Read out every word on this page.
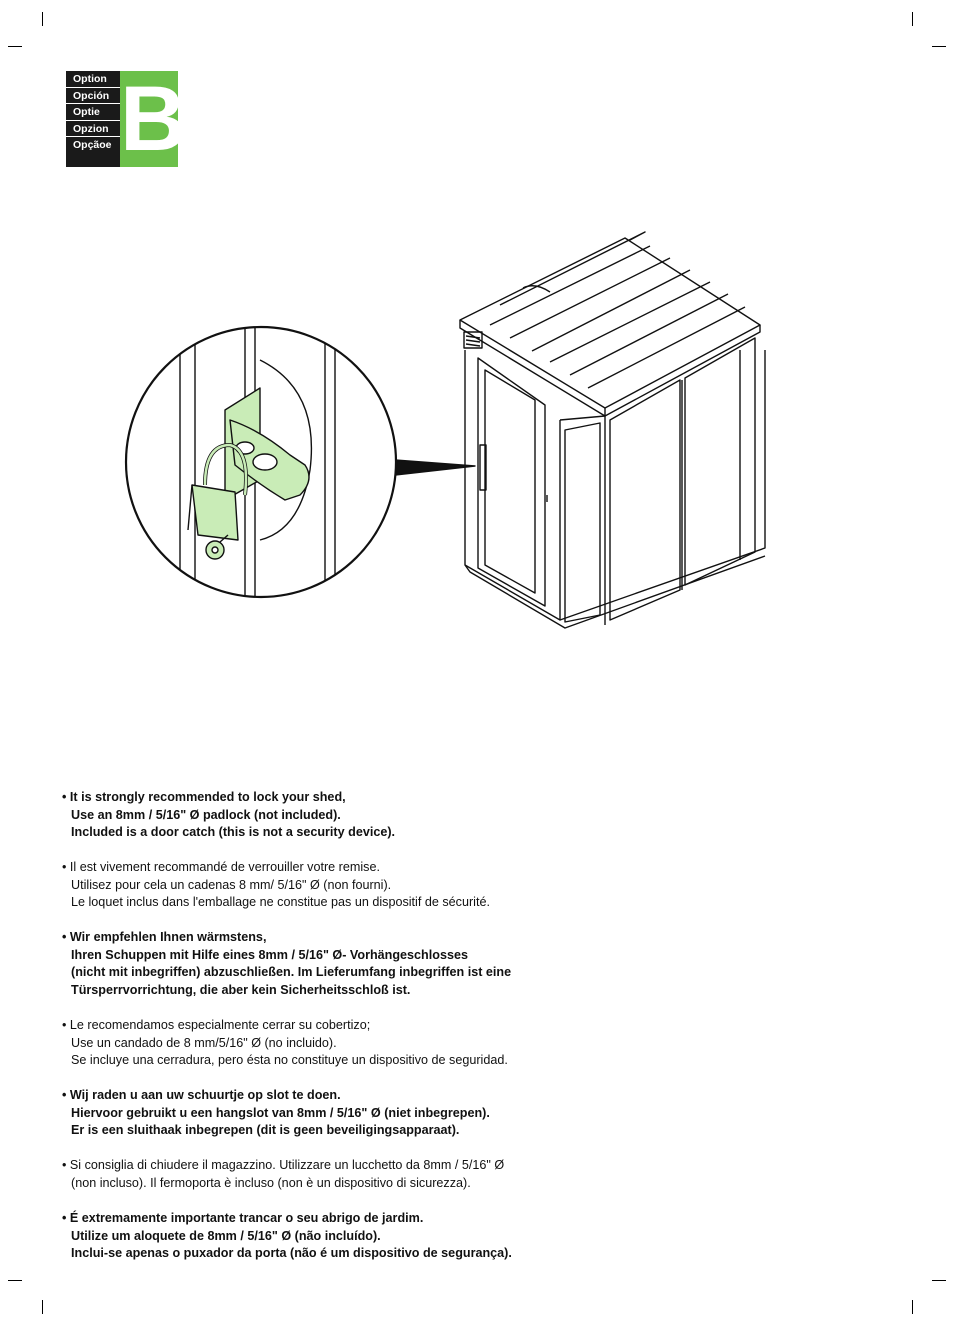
Option
Opción
Optie
Opzion
Opçãoe B
• It is strongly recommended to lock your shed,
Use an 8mm / 5/16" Ø padlock (not included).
Included is a door catch (this is not a security device).
• Il est vivement recommandé de verrouiller votre remise.
Utilisez pour cela un cadenas 8 mm/ 5/16" Ø (non fourni).
Le loquet inclus dans l'emballage ne constitue pas un dispositif de sécurité.
• Wir empfehlen Ihnen wärmstens,
Ihren Schuppen mit Hilfe eines 8mm / 5/16" Ø- Vorhängeschlosses
(nicht mit inbegriffen) abzuschließen. Im Lieferumfang inbegriffen ist eine
Türsperrvorrichtung, die aber kein Sicherheitsschloß ist.
• Le recomendamos especialmente cerrar su cobertizo;
Use un candado de 8 mm/5/16" Ø (no incluido).
Se incluye una cerradura, pero ésta no constituye un dispositivo de seguridad.
• Wij raden u aan uw schuurtje op slot te doen.
Hiervoor gebruikt u een hangslot van 8mm / 5/16" Ø (niet inbegrepen).
Er is een sluithaak inbegrepen (dit is geen beveiligingsapparaat).
• Si consiglia di chiudere il magazzino. Utilizzare un lucchetto da 8mm / 5/16" Ø
(non incluso). Il fermoporta è incluso (non è un dispositivo di sicurezza).
• É extremamente importante trancar o seu abrigo de jardim.
Utilize um aloquete de 8mm / 5/16" Ø (não incluído).
Inclui-se apenas o puxador da porta (não é um dispositivo de segurança).
